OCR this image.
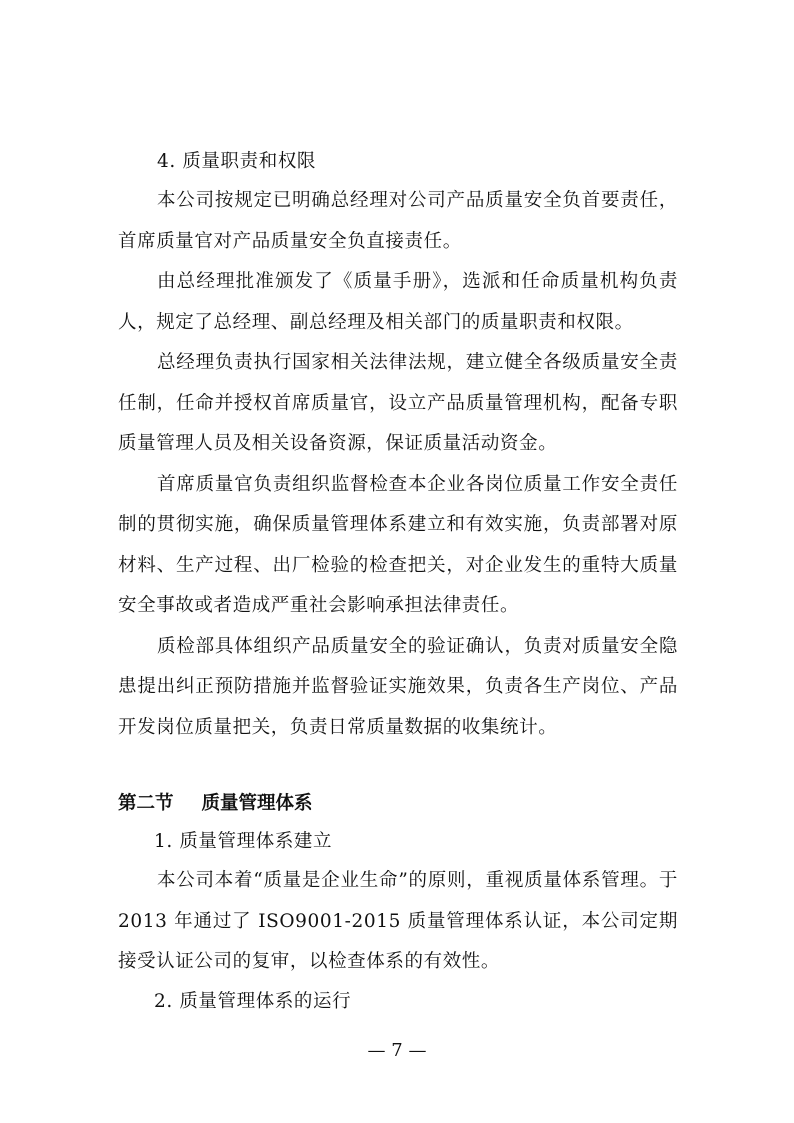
4. 质量职责和权限

本公司按规定已明确总经理对公司产品质量安全负首要责任，首席质量官对产品质量安全负直接责任。

由总经理批准颁发了《质量手册》，选派和任命质量机构负责人，规定了总经理、副总经理及相关部门的质量职责和权限。

总经理负责执行国家相关法律法规，建立健全各级质量安全责任制，任命并授权首席质量官，设立产品质量管理机构，配备专职质量管理人员及相关设备资源，保证质量活动资金。

首席质量官负责组织监督检查本企业各岗位质量工作安全责任制的贯彻实施，确保质量管理体系建立和有效实施，负责部署对原材料、生产过程、出厂检验的检查把关，对企业发生的重特大质量安全事故或者造成严重社会影响承担法律责任。

质检部具体组织产品质量安全的验证确认，负责对质量安全隐患提出纠正预防措施并监督验证实施效果，负责各生产岗位、产品开发岗位质量把关，负责日常质量数据的收集统计。

第二节 质量管理体系
1. 质量管理体系建立

本公司本着“质量是企业生命”的原则，重视质量体系管理。于2013 年通过了 ISO9001-2015 质量管理体系认证，本公司定期接受认证公司的复审，以检查体系的有效性。

2. 质量管理体系的运行
— 7 —
